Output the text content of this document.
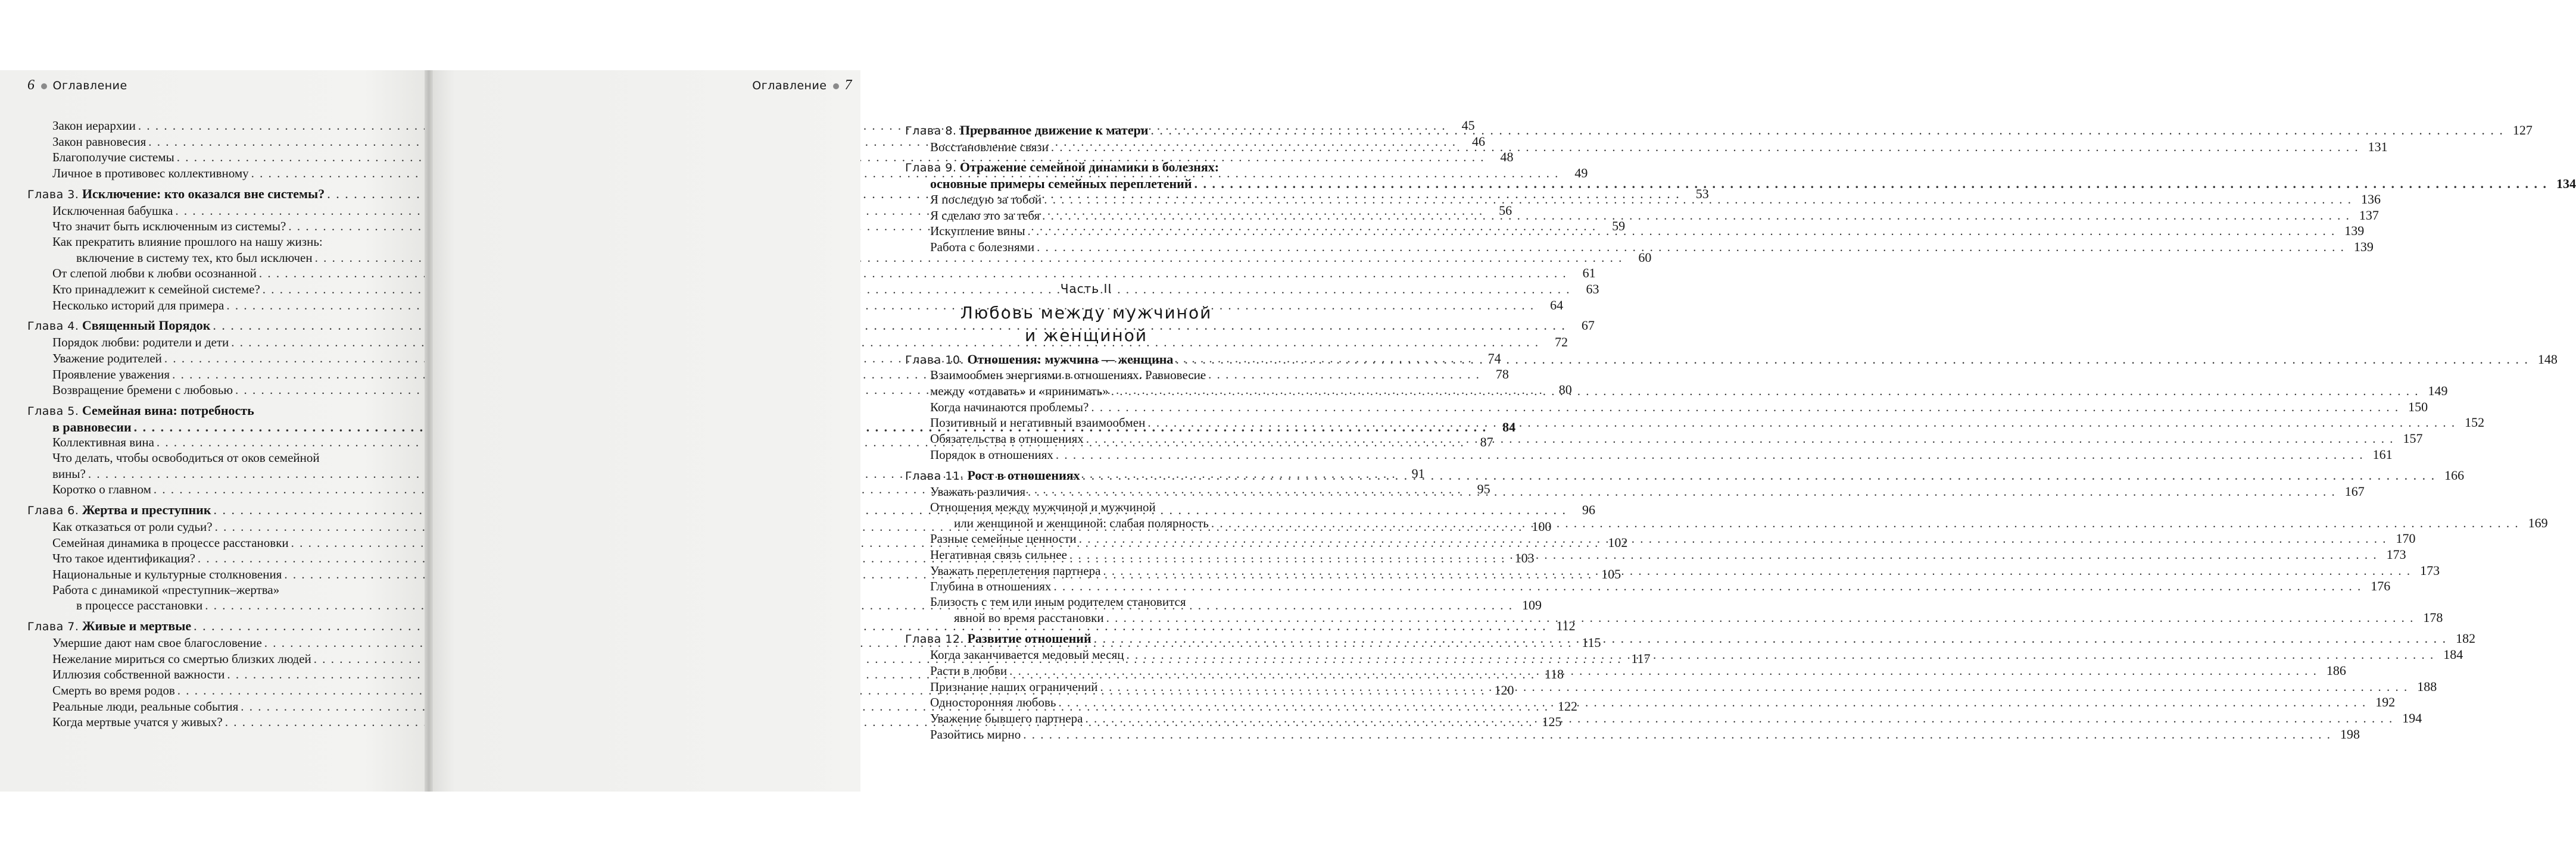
6 Оглавление
Закон иерархии . . .	45
Закон равновесия . . .	46
Благополучие системы . . .	48
Личное в противовес коллективному . . .	49
Глава 3. Исключение: кто оказался вне системы? . . .	53
Исключенная бабушка . . .	56
Что значит быть исключенным из системы? . . .	59
Как прекратить влияние прошлого на нашу жизнь:
включение в систему тех, кто был исключен . . .	60
От слепой любви к любви осознанной . . .	61
Кто принадлежит к семейной системе? . . .	63
Несколько историй для примера . . .	64
Глава 4. Священный Порядок . . .	67
Порядок любви: родители и дети . . .	72
Уважение родителей . . .	74
Проявление уважения . . .	78
Возвращение бремени с любовью . . .	80
Глава 5. Семейная вина: потребность
в равновесии . . .	84
Коллективная вина . . .	87
Что делать, чтобы освободиться от оков семейной
вины? . . .	91
Коротко о главном . . .	95
Глава 6. Жертва и преступник . . .	96
Как отказаться от роли судьи? . . .	100
Семейная динамика в процессе расстановки . . .	102
Что такое идентификация? . . .	103
Национальные и культурные столкновения . . .	105
Работа с динамикой «преступник–жертва»
в процессе расстановки . . .	109
Глава 7. Живые и мертвые . . .	112
Умершие дают нам свое благословение . . .	115
Нежелание мириться со смертью близких людей . . .	117
Иллюзия собственной важности . . .	118
Смерть во время родов . . .	120
Реальные люди, реальные события . . .	122
Когда мертвые учатся у живых? . . .	125
Оглавление 7
Глава 8. Прерванное движение к матери . . .	127
Восстановление связи . . .	131
Глава 9. Отражение семейной динамики в болезнях:
основные примеры семейных переплетений . . .	134
Я последую за тобой . . .	136
Я сделаю это за тебя . . .	137
Искупление вины . . .	139
Работа с болезнями . . .	139
Часть II
Любовь между мужчиной
и женщиной
Глава 10. Отношения: мужчина — женщина . . .	148
Взаимообмен энергиями в отношениях. Равновесие
между «отдавать» и «принимать» . . .	149
Когда начинаются проблемы? . . .	150
Позитивный и негативный взаимообмен . . .	152
Обязательства в отношениях . . .	157
Порядок в отношениях . . .	161
Глава 11. Рост в отношениях . . .	166
Уважать различия . . .	167
Отношения между мужчиной и мужчиной
или женщиной и женщиной: слабая полярность . . .	169
Разные семейные ценности . . .	170
Негативная связь сильнее . . .	173
Уважать переплетения партнера . . .	173
Глубина в отношениях . . .	176
Близость с тем или иным родителем становится
явной во время расстановки . . .	178
Глава 12. Развитие отношений . . .	182
Когда заканчивается медовый месяц . . .	184
Расти в любви . . .	186
Признание наших ограничений . . .	188
Односторонняя любовь . . .	192
Уважение бывшего партнера . . .	194
Разойтись мирно . . .	198
